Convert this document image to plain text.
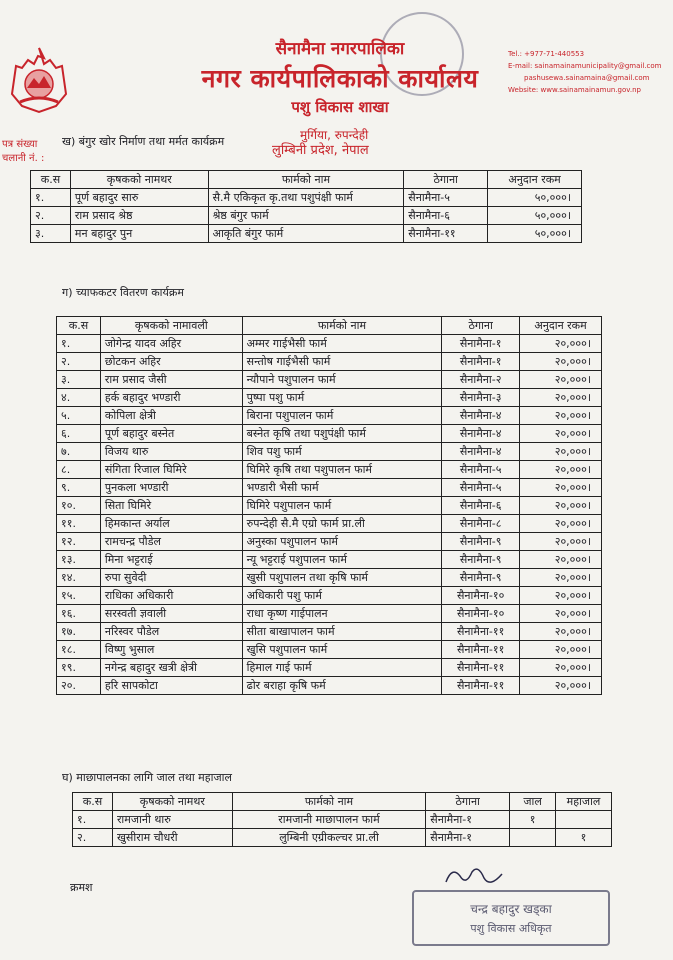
सैनामैना नगरपालिका
नगर कार्यपालिकाको कार्यालय
पशु विकास शाखा
मुर्गिया, रुपन्देही
लुम्बिनी प्रदेश, नेपाल
Tel.: +977-71-440553
E-mail: sainamainamunicipality@gmail.com
pashusewa.sainamaina@gmail.com
Website: www.sainamainamun.gov.np
पत्र संख्या
चलानी नं. :
ख) बंगुर खोर निर्माण तथा मर्मत कार्यक्रम
क.स	कृषकको नामथर	फार्मको नाम	ठेगाना	अनुदान रकम
१.	पूर्ण बहादुर सारु	सै.मै एकिकृत कृ.तथा पशुपंक्षी फार्म	सैनामैना-५	५०,०००।
२.	राम प्रसाद श्रेष्ठ	श्रेष्ठ बंगुर फार्म	सैनामैना-६	५०,०००।
३.	मन बहादुर पुन	आकृति बंगुर फार्म	सैनामैना-११	५०,०००।
ग) च्याफकटर वितरण कार्यक्रम
क.स	कृषकको नामावली	फार्मको नाम	ठेगाना	अनुदान रकम
१.	जोगेन्द्र यादव अहिर	अम्मर गाईभैसी फार्म	सैनामैना-१	२०,०००।
२.	छोटकन अहिर	सन्तोष गाईभैसी फार्म	सैनामैना-१	२०,०००।
३.	राम प्रसाद जैसी	न्यौपाने पशुपालन फार्म	सैनामैना-२	२०,०००।
४.	हर्क बहादुर भण्डारी	पुष्पा पशु फार्म	सैनामैना-३	२०,०००।
५.	कोपिला क्षेत्री	बिराना पशुपालन फार्म	सैनामैना-४	२०,०००।
६.	पूर्ण बहादुर बस्नेत	बस्नेत कृषि तथा पशुपंक्षी फार्म	सैनामैना-४	२०,०००।
७.	विजय थारु	शिव पशु फार्म	सैनामैना-४	२०,०००।
८.	संगिता रिजाल घिमिरे	घिमिरे कृषि तथा पशुपालन फार्म	सैनामैना-५	२०,०००।
९.	पुनकला भण्डारी	भण्डारी भैसी फार्म	सैनामैना-५	२०,०००।
१०.	सिता घिमिरे	घिमिरे पशुपालन फार्म	सैनामैना-६	२०,०००।
११.	हिमकान्त अर्याल	रुपन्देही सै.मै एग्रो फार्म प्रा.ली	सैनामैना-८	२०,०००।
१२.	रामचन्द्र पौडेल	अनुस्का पशुपालन फार्म	सैनामैना-९	२०,०००।
१३.	मिना भट्टराई	न्यू भट्टराई पशुपालन फार्म	सैनामैना-९	२०,०००।
१४.	रुपा सुवेदी	खुसी पशुपालन तथा कृषि फार्म	सैनामैना-९	२०,०००।
१५.	राधिका अधिकारी	अधिकारी पशु फार्म	सैनामैना-१०	२०,०००।
१६.	सरस्वती ज्ञवाली	राधा कृष्ण गाईपालन	सैनामैना-१०	२०,०००।
१७.	नरिस्वर पौडेल	सीता बाखापालन फार्म	सैनामैना-११	२०,०००।
१८.	विष्णु भुसाल	खुसि पशुपालन फार्म	सैनामैना-११	२०,०००।
१९.	नगेन्द्र बहादुर खत्री क्षेत्री	हिमाल गाई फार्म	सैनामैना-११	२०,०००।
२०.	हरि सापकोटा	ढोर बराहा कृषि फर्म	सैनामैना-११	२०,०००।
घ) माछापालनका लागि जाल तथा महाजाल
क.स	कृषकको नामथर	फार्मको नाम	ठेगाना	जाल	महाजाल
१.	रामजानी थारु	रामजानी माछापालन फार्म	सैनामैना-१	१	
२.	खुसीराम चौधरी	लुम्बिनी एग्रीकल्चर प्रा.ली	सैनामैना-१		१
क्रमश
चन्द्र बहादुर खड्का
पशु विकास अधिकृत
